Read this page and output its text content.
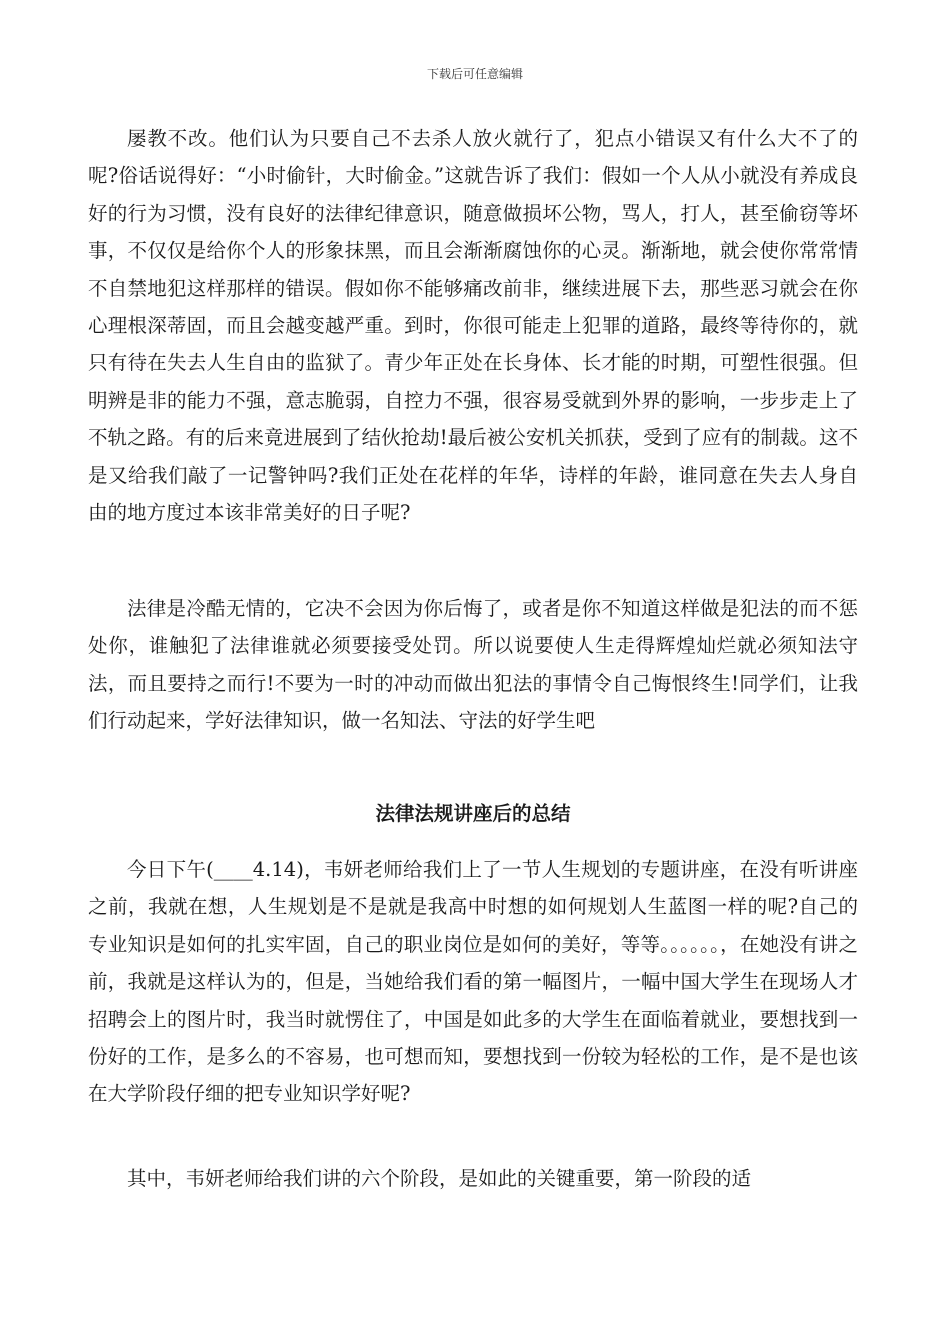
下载后可任意编辑

屡教不改。他们认为只要自己不去杀人放火就行了，犯点小错误又有什么大不了的呢?俗话说得好：“小时偷针，大时偷金。”这就告诉了我们：假如一个人从小就没有养成良好的行为习惯，没有良好的法律纪律意识，随意做损坏公物，骂人，打人，甚至偷窃等坏事，不仅仅是给你个人的形象抹黑，而且会渐渐腐蚀你的心灵。渐渐地，就会使你常常情不自禁地犯这样那样的错误。假如你不能够痛改前非，继续进展下去，那些恶习就会在你心理根深蒂固，而且会越变越严重。到时，你很可能走上犯罪的道路，最终等待你的，就只有待在失去人生自由的监狱了。青少年正处在长身体、长才能的时期，可塑性很强。但明辨是非的能力不强，意志脆弱，自控力不强，很容易受就到外界的影响，一步步走上了不轨之路。有的后来竟进展到了结伙抢劫!最后被公安机关抓获，受到了应有的制裁。这不是又给我们敲了一记警钟吗?我们正处在花样的年华，诗样的年龄，谁同意在失去人身自由的地方度过本该非常美好的日子呢?

法律是冷酷无情的，它决不会因为你后悔了，或者是你不知道这样做是犯法的而不惩处你，谁触犯了法律谁就必须要接受处罚。所以说要使人生走得辉煌灿烂就必须知法守法，而且要持之而行!不要为一时的冲动而做出犯法的事情令自己悔恨终生!同学们，让我们行动起来，学好法律知识，做一名知法、守法的好学生吧

法律法规讲座后的总结

今日下午(____4.14)，韦妍老师给我们上了一节人生规划的专题讲座，在没有听讲座之前，我就在想，人生规划是不是就是我高中时想的如何规划人生蓝图一样的呢?自己的专业知识是如何的扎实牢固，自己的职业岗位是如何的美好，等等。。。。。。，在她没有讲之前，我就是这样认为的，但是，当她给我们看的第一幅图片，一幅中国大学生在现场人才招聘会上的图片时，我当时就愣住了，中国是如此多的大学生在面临着就业，要想找到一份好的工作，是多么的不容易，也可想而知，要想找到一份较为轻松的工作，是不是也该在大学阶段仔细的把专业知识学好呢?

其中，韦妍老师给我们讲的六个阶段，是如此的关键重要，第一阶段的适
